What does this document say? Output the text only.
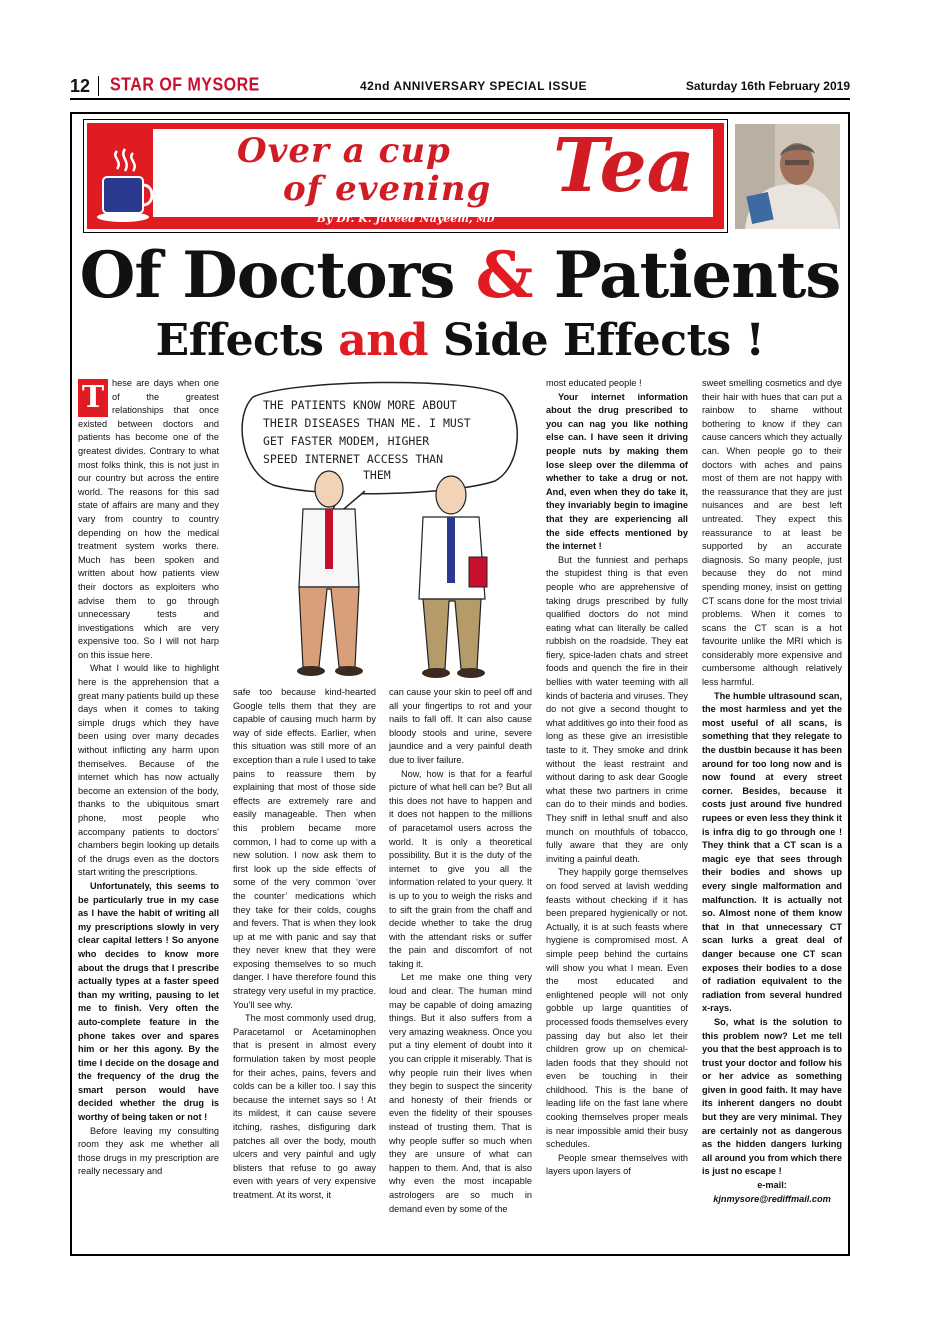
12 STAR OF MYSORE	42nd ANNIVERSARY SPECIAL ISSUE	Saturday 16th February 2019
Over a cup
of evening Tea
By Dr. K. Javeed Nayeem, MD
Of Doctors & Patients
Effects and Side Effects !
THE PATIENTS KNOW MORE ABOUT THEIR DISEASES THAN ME. I MUST GET FASTER MODEM, HIGHER SPEED INTERNET ACCESS THAN THEM

T hese are days when one of the greatest relationships that once existed between doctors and patients has become one of the greatest divides. Contrary to what most folks think, this is not just in our country but across the entire world. The reasons for this sad state of affairs are many and they vary from country to country depending on how the medical treatment system works there. Much has been spoken and written about how patients view their doctors as exploiters who advise them to go through unnecessary tests and investigations which are very expensive too. So I will not harp on this issue here.

What I would like to highlight here is the apprehension that a great many patients build up these days when it comes to taking simple drugs which they have been using over many decades without inflicting any harm upon themselves. Because of the internet which has now actually become an extension of the body, thanks to the ubiquitous smart phone, most people who accompany patients to doctors’ chambers begin looking up details of the drugs even as the doctors start writing the prescriptions.

Unfortunately, this seems to be particularly true in my case as I have the habit of writing all my prescriptions slowly in very clear capital letters ! So anyone who decides to know more about the drugs that I prescribe actually types at a faster speed than my writing, pausing to let me to finish. Very often the auto-complete feature in the phone takes over and spares him or her this agony. By the time I decide on the dosage and the frequency of the drug the smart person would have decided whether the drug is worthy of being taken or not !

Before leaving my consulting room they ask me whether all those drugs in my prescription are really necessary and

safe too because kind-hearted Google tells them that they are capable of causing much harm by way of side effects. Earlier, when this situation was still more of an exception than a rule I used to take pains to reassure them by explaining that most of those side effects are extremely rare and easily manageable. Then when this problem became more common, I had to come up with a new solution. I now ask them to first look up the side effects of some of the very common ‘over the counter’ medications which they take for their colds, coughs and fevers. That is when they look up at me with panic and say that they never knew that they were exposing themselves to so much danger. I have therefore found this strategy very useful in my practice. You’ll see why.

The most commonly used drug, Paracetamol or Acetaminophen that is present in almost every formulation taken by most people for their aches, pains, fevers and colds can be a killer too. I say this because the internet says so ! At its mildest, it can cause severe itching, rashes, disfiguring dark patches all over the body, mouth ulcers and very painful and ugly blisters that refuse to go away even with years of very expensive treatment. At its worst, it

can cause your skin to peel off and all your fingertips to rot and your nails to fall off. It can also cause bloody stools and urine, severe jaundice and a very painful death due to liver failure.

Now, how is that for a fearful picture of what hell can be? But all this does not have to happen and it does not happen to the millions of paracetamol users across the world. It is only a theoretical possibility. But it is the duty of the internet to give you all the information related to your query. It is up to you to weigh the risks and to sift the grain from the chaff and decide whether to take the drug with the attendant risks or suffer the pain and discomfort of not taking it.

Let me make one thing very loud and clear. The human mind may be capable of doing amazing things. But it also suffers from a very amazing weakness. Once you put a tiny element of doubt into it you can cripple it miserably. That is why people ruin their lives when they begin to suspect the sincerity and honesty of their friends or even the fidelity of their spouses instead of trusting them. That is why people suffer so much when they are unsure of what can happen to them. And, that is also why even the most incapable astrologers are so much in demand even by some of the

most educated people !

Your internet information about the drug prescribed to you can nag you like nothing else can. I have seen it driving people nuts by making them lose sleep over the dilemma of whether to take a drug or not. And, even when they do take it, they invariably begin to imagine that they are experiencing all the side effects mentioned by the internet !

But the funniest and perhaps the stupidest thing is that even people who are apprehensive of taking drugs prescribed by fully qualified doctors do not mind eating what can literally be called rubbish on the roadside. They eat fiery, spice-laden chats and street foods and quench the fire in their bellies with water teeming with all kinds of bacteria and viruses. They do not give a second thought to what additives go into their food as long as these give an irresistible taste to it. They smoke and drink without the least restraint and without daring to ask dear Google what these two partners in crime can do to their minds and bodies. They sniff in lethal snuff and also munch on mouthfuls of tobacco, fully aware that they are only inviting a painful death.

They happily gorge themselves on food served at lavish wedding feasts without checking if it has been prepared hygienically or not. Actually, it is at such feasts where hygiene is compromised most. A simple peep behind the curtains will show you what I mean. Even the most educated and enlightened people will not only gobble up large quantities of processed foods themselves every passing day but also let their children grow up on chemical-laden foods that they should not even be touching in their childhood. This is the bane of leading life on the fast lane where cooking themselves proper meals is near impossible amid their busy schedules.

People smear themselves with layers upon layers of

sweet smelling cosmetics and dye their hair with hues that can put a rainbow to shame without bothering to know if they can cause cancers which they actually can. When people go to their doctors with aches and pains most of them are not happy with the reassurance that they are just nuisances and are best left untreated. They expect this reassurance to at least be supported by an accurate diagnosis. So many people, just because they do not mind spending money, insist on getting CT scans done for the most trivial problems. When it comes to scans the CT scan is a hot favourite unlike the MRI which is considerably more expensive and cumbersome although relatively less harmful.

The humble ultrasound scan, the most harmless and yet the most useful of all scans, is something that they relegate to the dustbin because it has been around for too long now and is now found at every street corner. Besides, because it costs just around five hundred rupees or even less they think it is infra dig to go through one ! They think that a CT scan is a magic eye that sees through their bodies and shows up every single malformation and malfunction. It is actually not so. Almost none of them know that in that unnecessary CT scan lurks a great deal of danger because one CT scan exposes their bodies to a dose of radiation equivalent to the radiation from several hundred x-rays.

So, what is the solution to this problem now? Let me tell you that the best approach is to trust your doctor and follow his or her advice as something given in good faith. It may have its inherent dangers no doubt but they are very minimal. They are certainly not as dangerous as the hidden dangers lurking all around you from which there is just no escape !

e-mail:

kjnmysore@rediffmail.com
